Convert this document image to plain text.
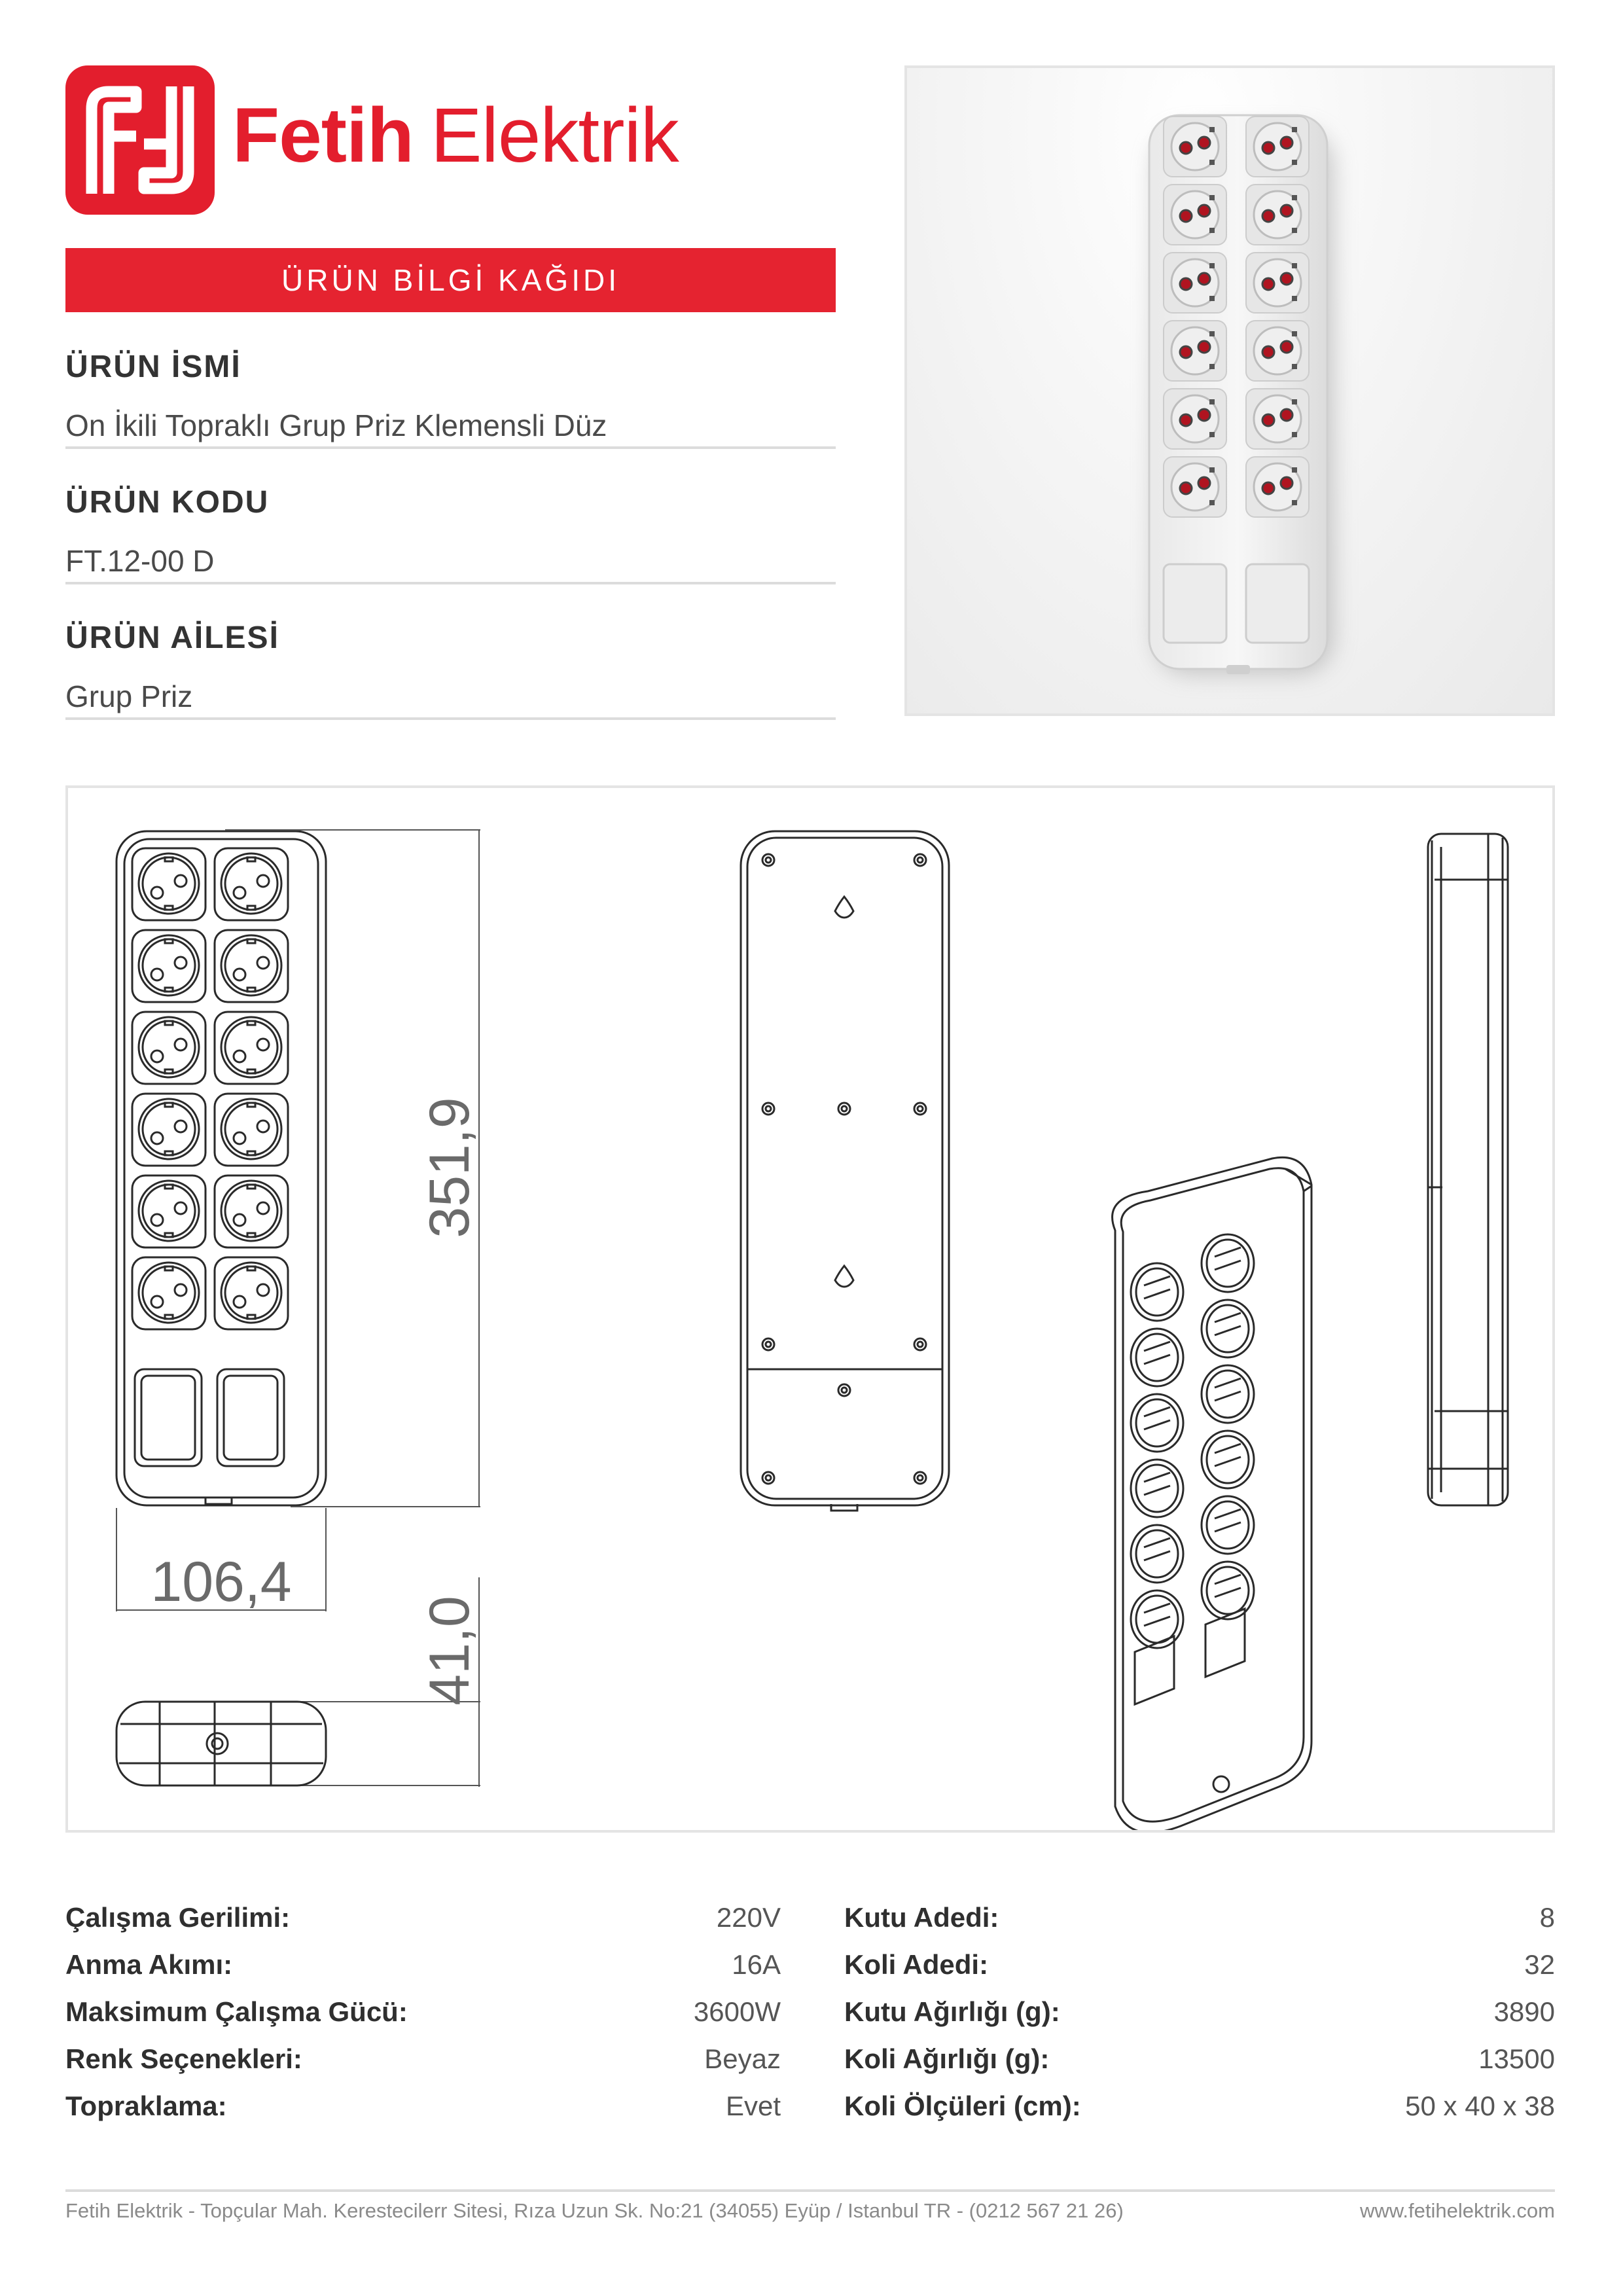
Fetih Elektrik
ÜRÜN BİLGİ KAĞIDI
ÜRÜN İSMİ
On İkili Topraklı Grup Priz Klemensli Düz
ÜRÜN KODU
FT.12-00 D
ÜRÜN AİLESİ
Grup Priz
351,9
106,4
41,0
Çalışma Gerilimi:	220V
Anma Akımı:	16A
Maksimum Çalışma Gücü:	3600W
Renk Seçenekleri:	Beyaz
Topraklama:	Evet
Kutu Adedi:	8
Koli Adedi:	32
Kutu Ağırlığı (g):	3890
Koli Ağırlığı (g):	13500
Koli Ölçüleri (cm):	50 x 40 x 38
Fetih Elektrik - Topçular Mah. Kerestecilerr Sitesi, Rıza Uzun Sk. No:21 (34055) Eyüp / Istanbul TR - (0212 567 21 26)	www.fetihelektrik.com
